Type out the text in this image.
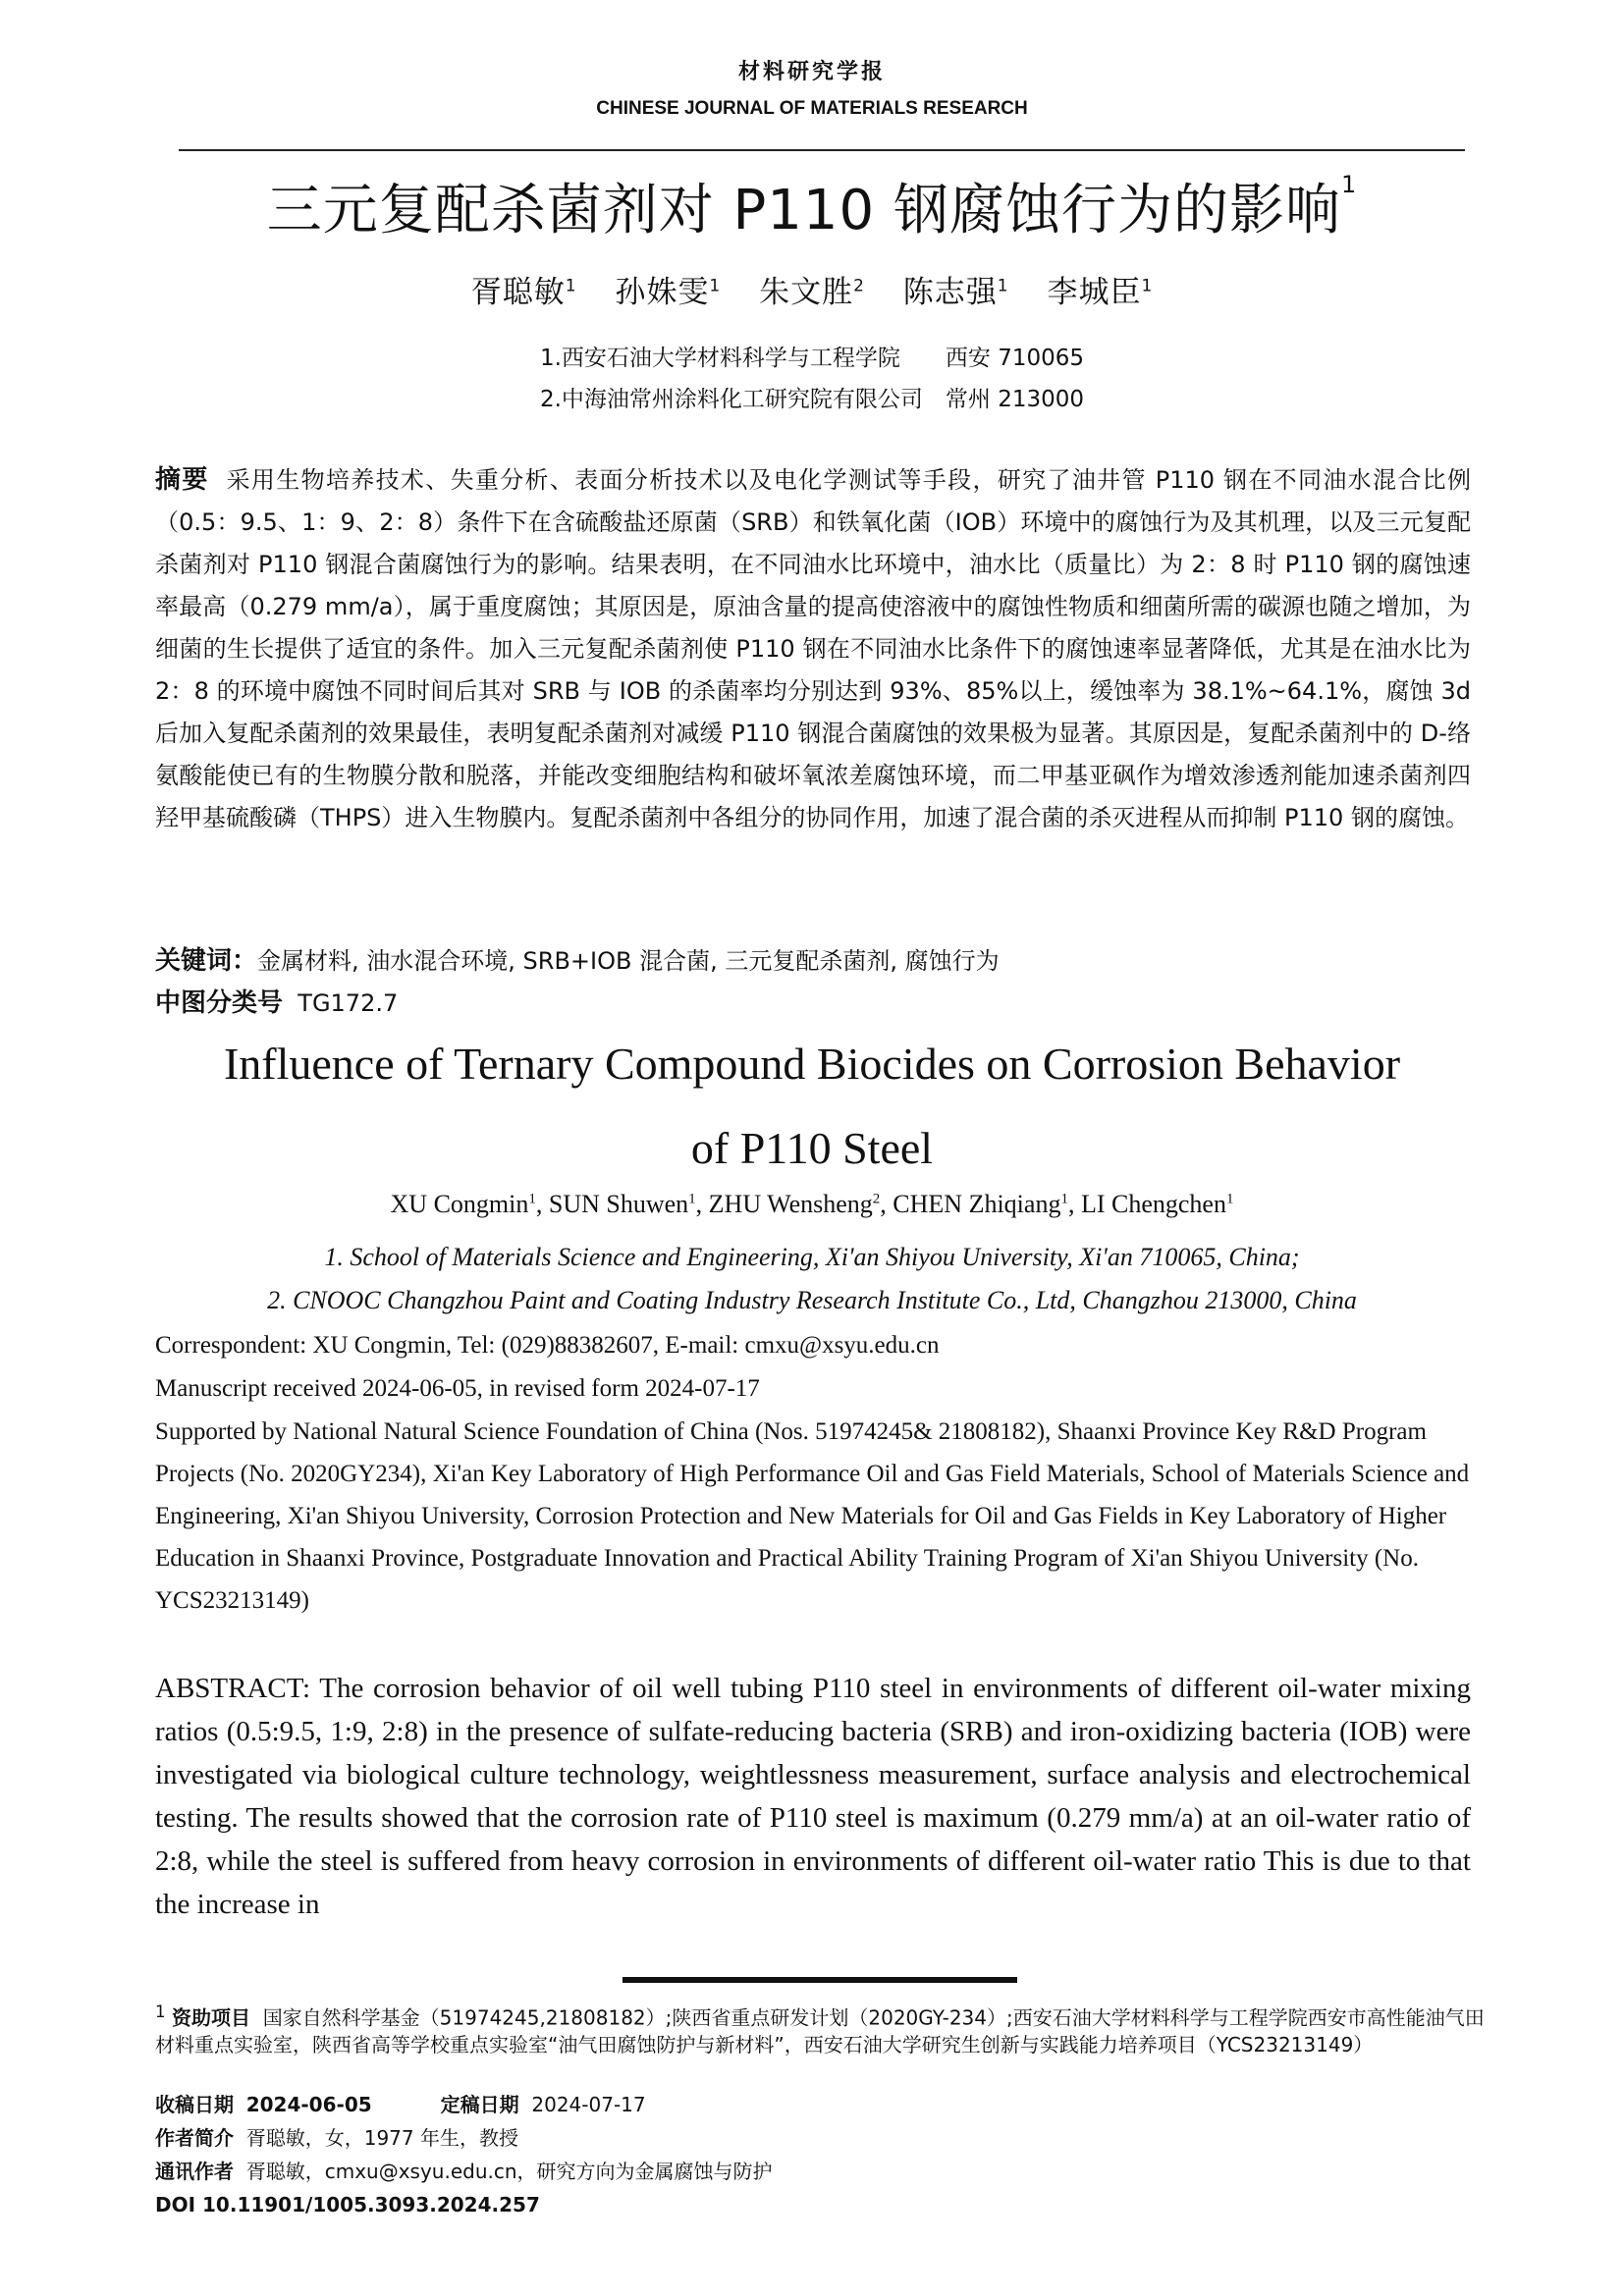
材料研究学报
CHINESE JOURNAL OF MATERIALS RESEARCH
三元复配杀菌剂对 P110 钢腐蚀行为的影响$^1$
胥聪敏$^1$ 孙姝雯$^1$ 朱文胜$^2$ 陈志强$^1$ 李城臣$^1$
1.西安石油大学材料科学与工程学院　　西安 710065
2.中海油常州涂料化工研究院有限公司　常州 213000
摘要 采用生物培养技术、失重分析、表面分析技术以及电化学测试等手段，研究了油井管 P110 钢在不同油水混合比例（0.5：9.5、1：9、2：8）条件下在含硫酸盐还原菌（SRB）和铁氧化菌（IOB）环境中的腐蚀行为及其机理，以及三元复配杀菌剂对 P110 钢混合菌腐蚀行为的影响。结果表明，在不同油水比环境中，油水比（质量比）为 2：8 时 P110 钢的腐蚀速率最高（0.279 mm/a），属于重度腐蚀；其原因是，原油含量的提高使溶液中的腐蚀性物质和细菌所需的碳源也随之增加，为细菌的生长提供了适宜的条件。加入三元复配杀菌剂使 P110 钢在不同油水比条件下的腐蚀速率显著降低，尤其是在油水比为 2：8 的环境中腐蚀不同时间后其对 SRB 与 IOB 的杀菌率均分别达到 93%、85%以上，缓蚀率为 38.1%~64.1%，腐蚀 3d 后加入复配杀菌剂的效果最佳，表明复配杀菌剂对减缓 P110 钢混合菌腐蚀的效果极为显著。其原因是，复配杀菌剂中的 D-络氨酸能使已有的生物膜分散和脱落，并能改变细胞结构和破坏氧浓差腐蚀环境，而二甲基亚砜作为增效渗透剂能加速杀菌剂四羟甲基硫酸磷（THPS）进入生物膜内。复配杀菌剂中各组分的协同作用，加速了混合菌的杀灭进程从而抑制 P110 钢的腐蚀。
关键词：金属材料, 油水混合环境, SRB+IOB 混合菌, 三元复配杀菌剂, 腐蚀行为
中图分类号 TG172.7
Influence of Ternary Compound Biocides on Corrosion Behavior
of P110 Steel
XU Congmin$^1$, SUN Shuwen$^1$, ZHU Wensheng$^2$, CHEN Zhiqiang$^1$, LI Chengchen$^1$
1. School of Materials Science and Engineering, Xi'an Shiyou University, Xi'an 710065, China;
2. CNOOC Changzhou Paint and Coating Industry Research Institute Co., Ltd, Changzhou 213000, China
Correspondent: XU Congmin, Tel: (029)88382607, E-mail: cmxu@xsyu.edu.cn
Manuscript received 2024-06-05, in revised form 2024-07-17
Supported by National Natural Science Foundation of China (Nos. 51974245& 21808182), Shaanxi Province Key R&D Program Projects (No. 2020GY234), Xi'an Key Laboratory of High Performance Oil and Gas Field Materials, School of Materials Science and Engineering, Xi'an Shiyou University, Corrosion Protection and New Materials for Oil and Gas Fields in Key Laboratory of Higher Education in Shaanxi Province, Postgraduate Innovation and Practical Ability Training Program of Xi'an Shiyou University (No. YCS23213149)
ABSTRACT: The corrosion behavior of oil well tubing P110 steel in environments of different oil-water mixing ratios (0.5:9.5, 1:9, 2:8) in the presence of sulfate-reducing bacteria (SRB) and iron-oxidizing bacteria (IOB) were investigated via biological culture technology, weightlessness measurement, surface analysis and electrochemical testing. The results showed that the corrosion rate of P110 steel is maximum (0.279 mm/a) at an oil-water ratio of 2:8, while the steel is suffered from heavy corrosion in environments of different oil-water ratio This is due to that the increase in
$^1$ 资助项目 国家自然科学基金（51974245,21808182）;陕西省重点研发计划（2020GY-234）;西安石油大学材料科学与工程学院西安市高性能油气田材料重点实验室，陕西省高等学校重点实验室“油气田腐蚀防护与新材料”，西安石油大学研究生创新与实践能力培养项目（YCS23213149）
收稿日期 2024-06-05	定稿日期 2024-07-17
作者简介 胥聪敏，女，1977 年生，教授
通讯作者 胥聪敏，cmxu@xsyu.edu.cn，研究方向为金属腐蚀与防护
DOI 10.11901/1005.3093.2024.257
